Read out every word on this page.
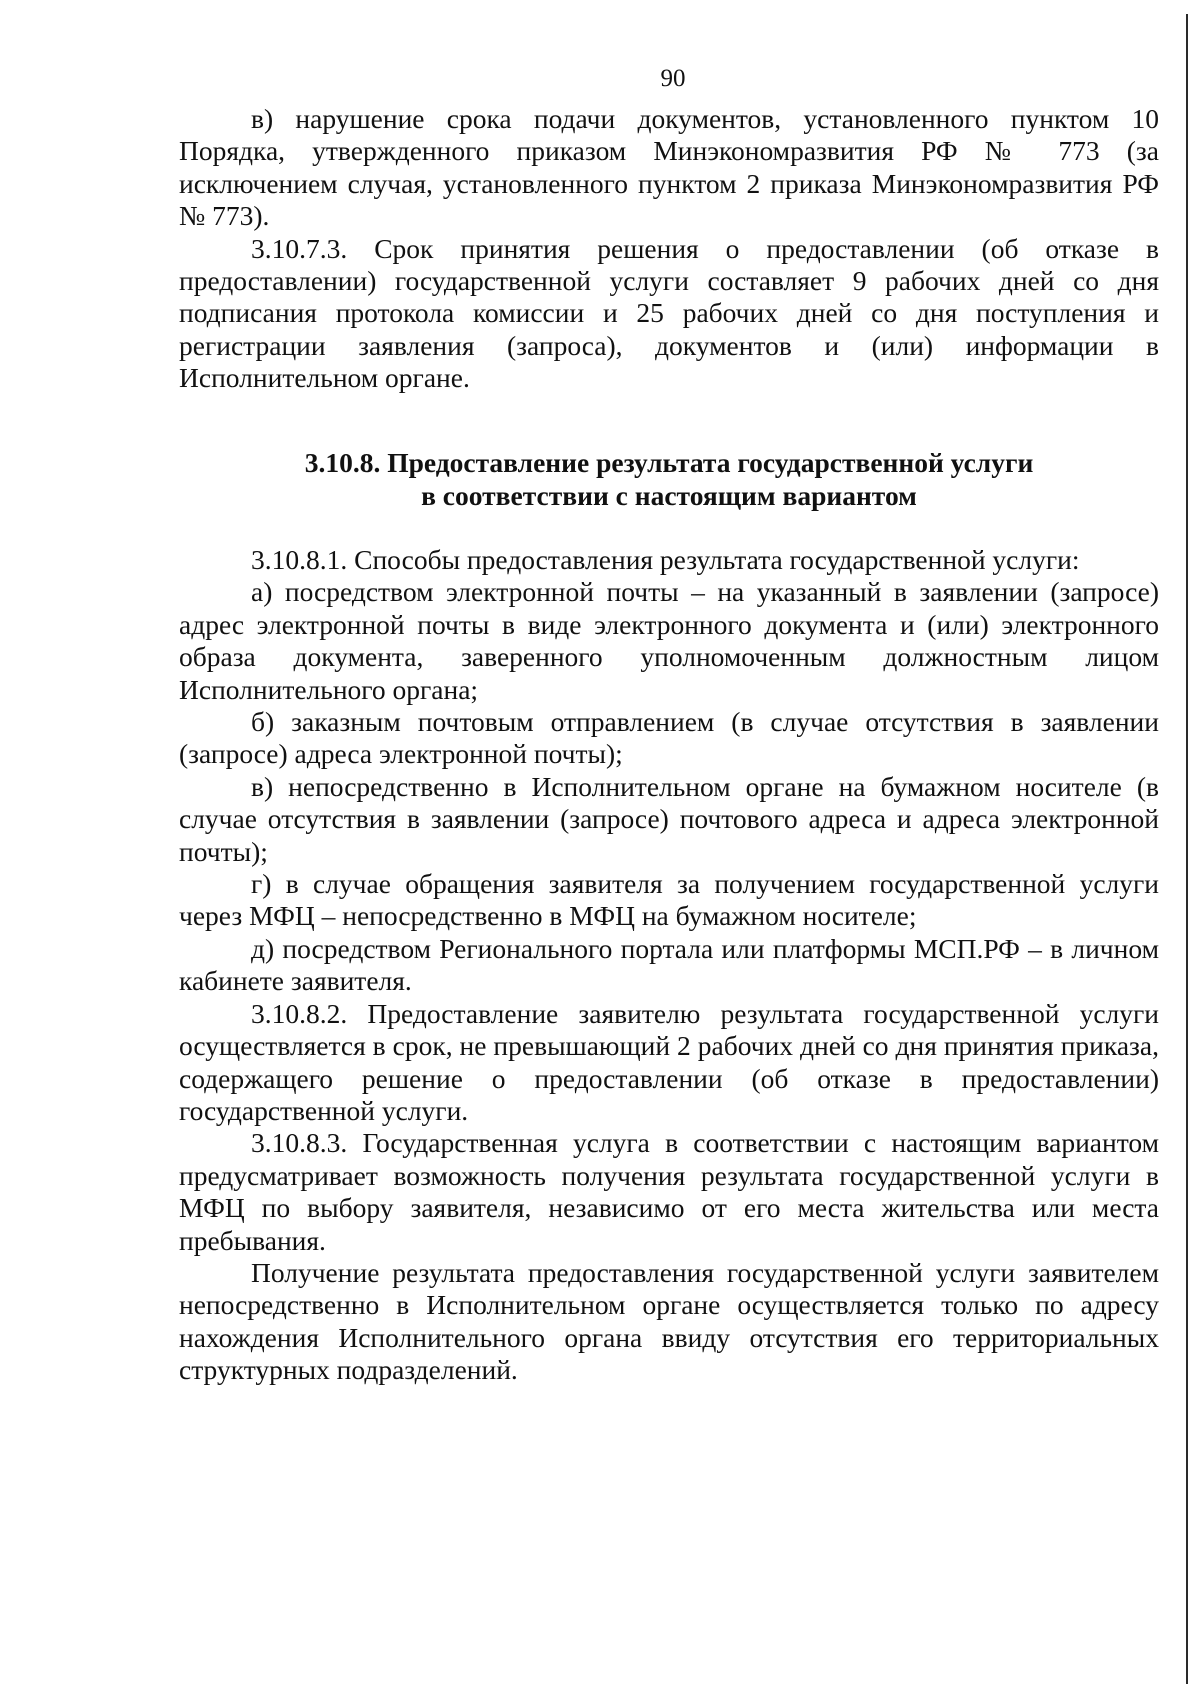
90

в) нарушение срока подачи документов, установленного пунктом 10 Порядка, утвержденного приказом Минэкономразвития РФ № 773 (за исключением случая, установленного пунктом 2 приказа Минэкономразвития РФ № 773).

3.10.7.3. Срок принятия решения о предоставлении (об отказе в предоставлении) государственной услуги составляет 9 рабочих дней со дня подписания протокола комиссии и 25 рабочих дней со дня поступления и регистрации заявления (запроса), документов и (или) информации в Исполнительном органе.

3.10.8. Предоставление результата государственной услуги
в соответствии с настоящим вариантом

3.10.8.1. Способы предоставления результата государственной услуги:

а) посредством электронной почты – на указанный в заявлении (запросе) адрес электронной почты в виде электронного документа и (или) электронного образа документа, заверенного уполномоченным должностным лицом Исполнительного органа;

б) заказным почтовым отправлением (в случае отсутствия в заявлении (запросе) адреса электронной почты);

в) непосредственно в Исполнительном органе на бумажном носителе (в случае отсутствия в заявлении (запросе) почтового адреса и адреса электронной почты);

г) в случае обращения заявителя за получением государственной услуги через МФЦ – непосредственно в МФЦ на бумажном носителе;

д) посредством Регионального портала или платформы МСП.РФ – в личном кабинете заявителя.

3.10.8.2. Предоставление заявителю результата государственной услуги осуществляется в срок, не превышающий 2 рабочих дней со дня принятия приказа, содержащего решение о предоставлении (об отказе в предоставлении) государственной услуги.

3.10.8.3. Государственная услуга в соответствии с настоящим вариантом предусматривает возможность получения результата государственной услуги в МФЦ по выбору заявителя, независимо от его места жительства или места пребывания.

Получение результата предоставления государственной услуги заявителем непосредственно в Исполнительном органе осуществляется только по адресу нахождения Исполнительного органа ввиду отсутствия его территориальных структурных подразделений.
